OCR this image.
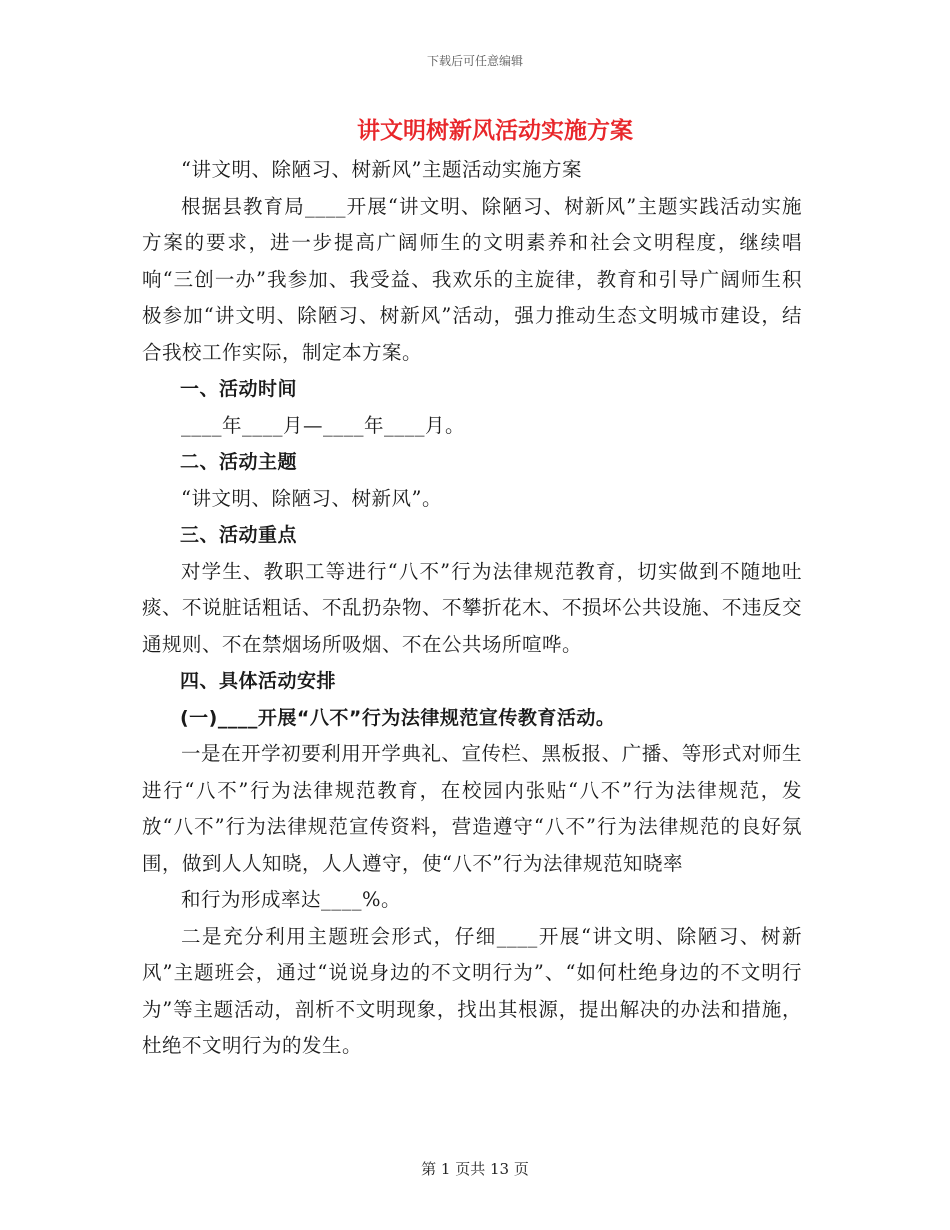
下载后可任意编辑
讲文明树新风活动实施方案

“讲文明、除陋习、树新风”主题活动实施方案

根据县教育局____开展“讲文明、除陋习、树新风”主题实践活动实施方案的要求，进一步提高广阔师生的文明素养和社会文明程度，继续唱响“三创一办”我参加、我受益、我欢乐的主旋律，教育和引导广阔师生积极参加“讲文明、除陋习、树新风”活动，强力推动生态文明城市建设，结合我校工作实际，制定本方案。

一、活动时间

____年____月—____年____月。

二、活动主题

“讲文明、除陋习、树新风”。

三、活动重点

对学生、教职工等进行“八不”行为法律规范教育，切实做到不随地吐痰、不说脏话粗话、不乱扔杂物、不攀折花木、不损坏公共设施、不违反交通规则、不在禁烟场所吸烟、不在公共场所喧哗。

四、具体活动安排

(一)____开展“八不”行为法律规范宣传教育活动。

一是在开学初要利用开学典礼、宣传栏、黑板报、广播、等形式对师生进行“八不”行为法律规范教育，在校园内张贴“八不”行为法律规范，发放“八不”行为法律规范宣传资料，营造遵守“八不”行为法律规范的良好氛围，做到人人知晓，人人遵守，使“八不”行为法律规范知晓率

和行为形成率达____%。

二是充分利用主题班会形式，仔细____开展“讲文明、除陋习、树新风”主题班会，通过“说说身边的不文明行为”、“如何杜绝身边的不文明行为”等主题活动，剖析不文明现象，找出其根源，提出解决的办法和措施，杜绝不文明行为的发生。

第 1 页共 13 页
